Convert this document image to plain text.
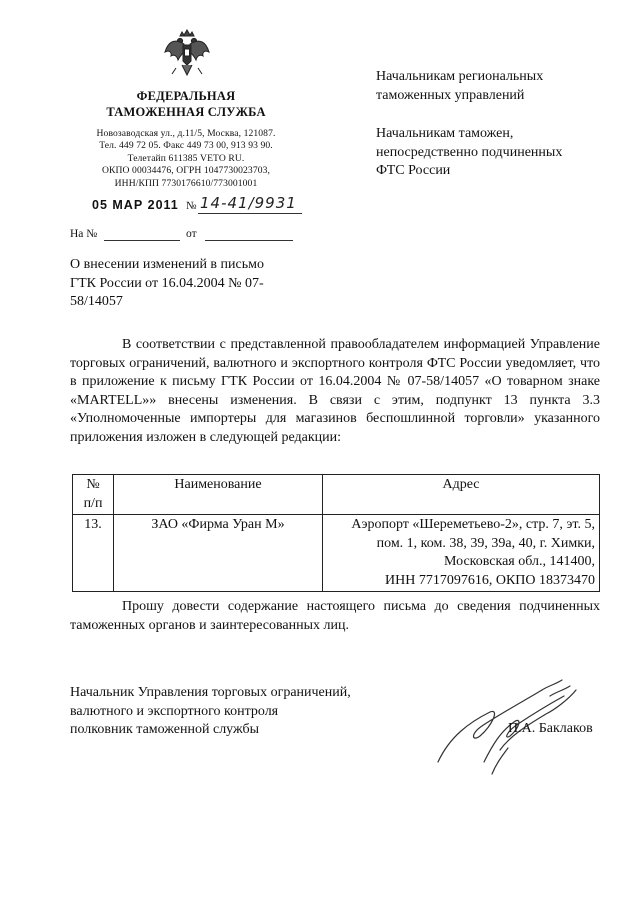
ФЕДЕРАЛЬНАЯ
ТАМОЖЕННАЯ СЛУЖБА
Новозаводская ул., д.11/5, Москва, 121087.
Тел. 449 72 05. Факс 449 73 00, 913 93 90.
Телетайп 611385 VETO RU.
ОКПО 00034476, ОГРН 1047730023703,
ИНН/КПП 7730176610/773001001
05 МАР 2011 № 14-41/9931
На №	от

Начальникам региональных
таможенных управлений

Начальникам таможен,
непосредственно подчиненных
ФТС России

О внесении изменений в письмо
ГТК России от 16.04.2004 № 07-
58/14057

В соответствии с представленной правообладателем информацией Управление торговых ограничений, валютного и экспортного контроля ФТС России уведомляет, что в приложение к письму ГТК России от 16.04.2004 № 07-58/14057 «О товарном знаке «MARTELL»» внесены изменения. В связи с этим, подпункт 13 пункта 3.3 «Уполномоченные импортеры для магазинов беспошлинной торговли» указанного приложения изложен в следующей редакции:

№
п/п	Наименование	Адрес
13.	ЗАО «Фирма Уран М»	Аэропорт «Шереметьево-2», стр. 7, эт. 5,
пом. 1, ком. 38, 39, 39а, 40, г. Химки,
Московская обл., 141400,
ИНН 7717097616, ОКПО 18373470

Прошу довести содержание настоящего письма до сведения подчиненных таможенных органов и заинтересованных лиц.

Начальник Управления торговых ограничений,
валютного и экспортного контроля
полковник таможенной службы	П.А. Баклаков
